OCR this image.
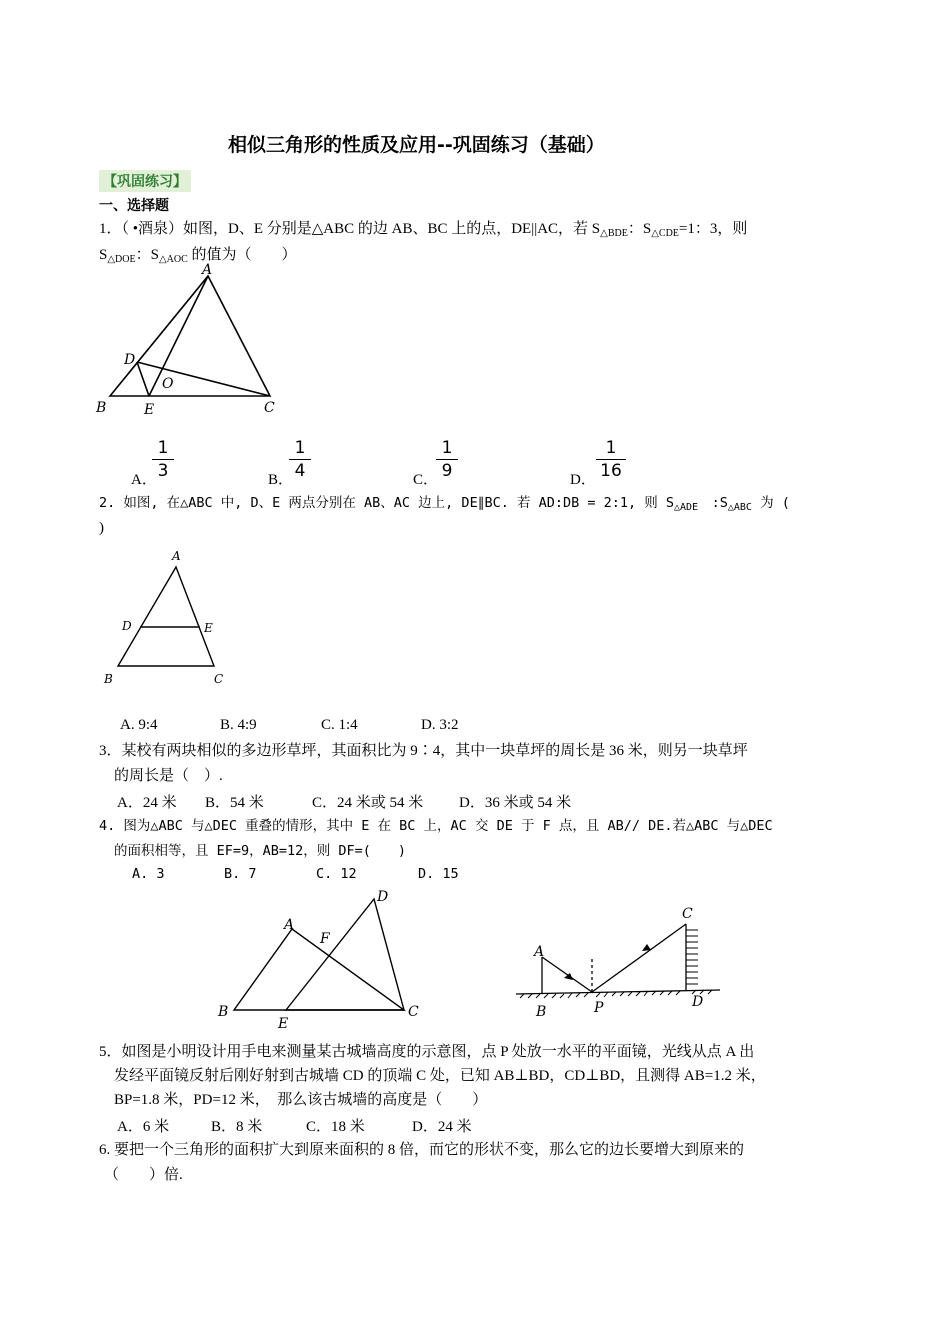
相似三角形的性质及应用--巩固练习（基础）
【巩固练习】
一、选择题
1．（ •酒泉）如图，D、E 分别是△ABC 的边 AB、BC 上的点，DE||AC，若 $S_{\triangle BDE}$：$S_{\triangle CDE}=1$：3，则
$S_{\triangle DOE}$：$S_{\triangle AOC}$ 的值为（　　）
A
B	C
D
E
O
A．
1
3	B．
1
4	C．
1
9	D．
1
16
2. 如图, 在△ABC 中, D、E 两点分别在 AB、AC 边上, DE∥BC. 若 AD:DB = 2:1, 则 $S_{\triangle ADE}$　$:S_{\triangle ABC}$ 为 (
)
A
B	C
D	E
A. 9:4	B. 4:9	C. 1:4	D. 3:2
3．某校有两块相似的多边形草坪，其面积比为 9∶4，其中一块草坪的周长是 36 米，则另一块草坪
的周长是（　）.
A．24 米 B．54 米	C．24 米或 54 米 D．36 米或 54 米
4. 图为△ABC 与△DEC 重叠的情形，其中 E 在 BC 上，AC 交 DE 于 F 点，且 AB// DE.若△ABC 与△DEC
的面积相等，且 EF=9，AB=12，则 DF=(　　)
A. 3	B. 7	C. 12	D. 15
A
B	C
D
E
F
A
B
C
D
P
5．如图是小明设计用手电来测量某古城墙高度的示意图，点 P 处放一水平的平面镜，光线从点 A 出
发经平面镜反射后刚好射到古城墙 CD 的顶端 C 处，已知 AB⊥BD，CD⊥BD，且测得 AB=1.2 米，
BP=1.8 米，PD=12 米，　那么该古城墙的高度是（　　）
A．6 米	B．8 米	C．18 米	D．24 米
6. 要把一个三角形的面积扩大到原来面积的 8 倍，而它的形状不变，那么它的边长要增大到原来的
（　　）倍.
